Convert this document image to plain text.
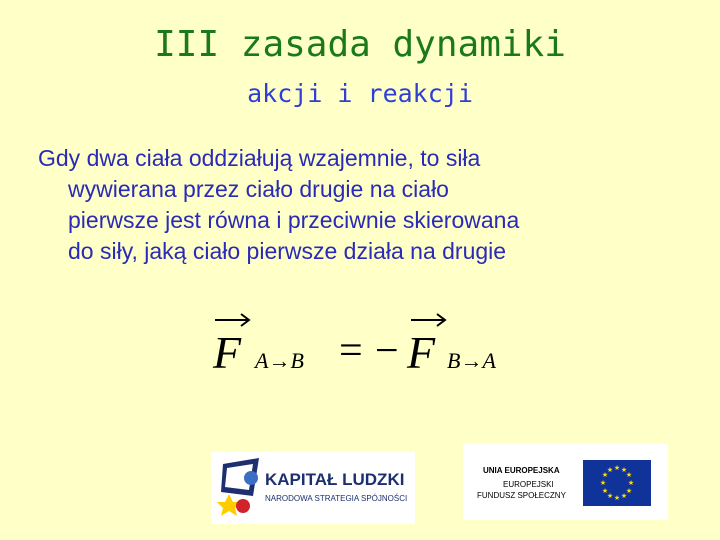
III zasada dynamiki
akcji i reakcji
Gdy dwa ciała oddziałują wzajemnie, to siła
wywierana przez ciało drugie na ciało
pierwsze jest równa i przeciwnie skierowana
do siły, jaką ciało pierwsze działa na drugie
F A→B = − F B→A
KAPITAŁ LUDZKI
NARODOWA STRATEGIA SPÓJNOŚCI
UNIA EUROPEJSKA
EUROPEJSKI
FUNDUSZ SPOŁECZNY
★ ★
★
★
★
★
★
★
★
★
★
★
